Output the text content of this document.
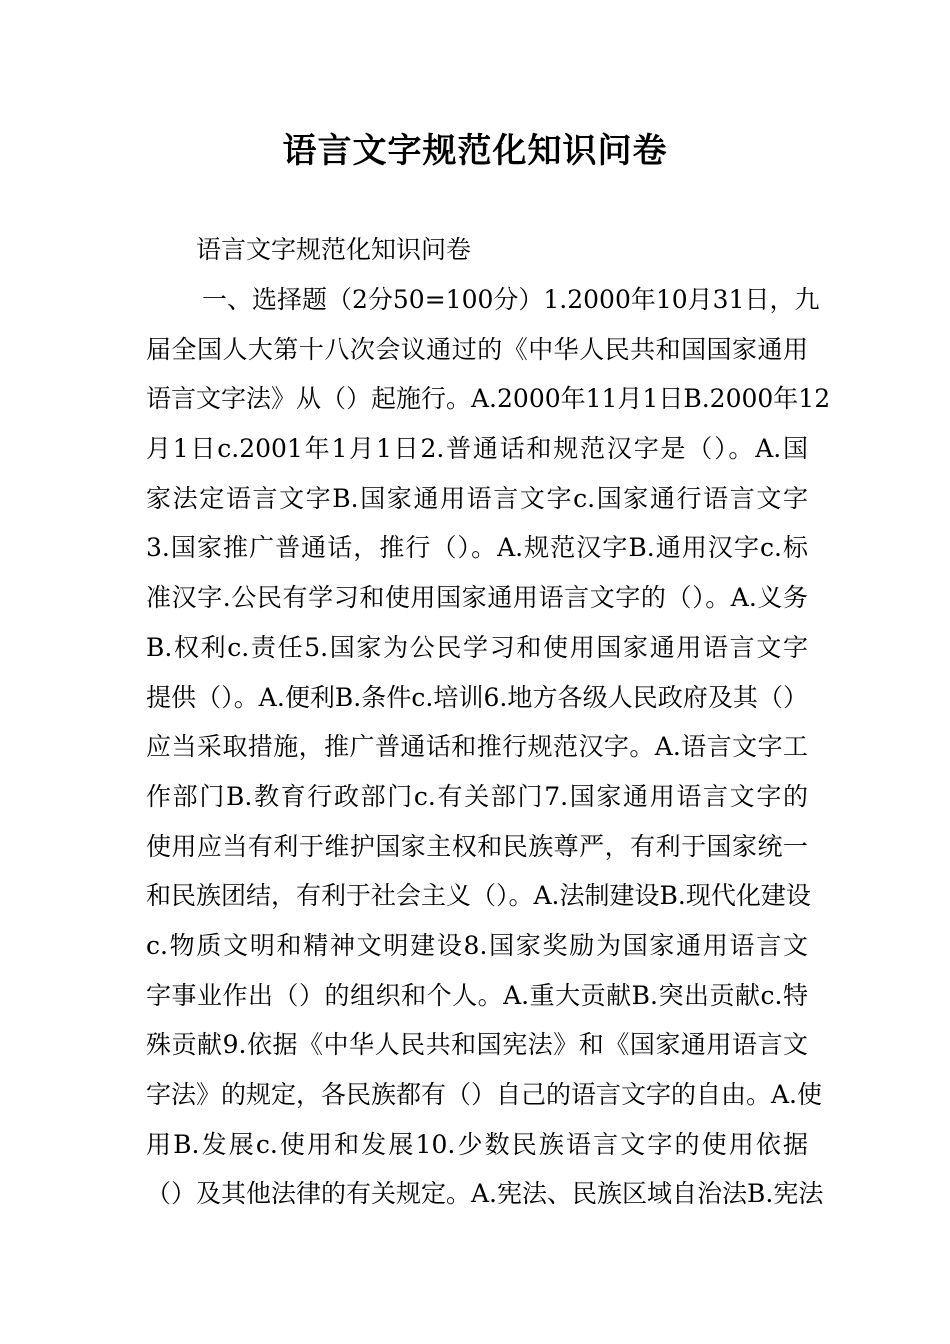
语言文字规范化知识问卷
语言文字规范化知识问卷
一、选择题（2分50=100分）1.2000年10月31日，九
届全国人大第十八次会议通过的《中华人民共和国国家通用
语言文字法》从（）起施行。A.2000年11月1日B.2000年12
月1日c.2001年1月1日2.普通话和规范汉字是（）。A.国
家法定语言文字B.国家通用语言文字c.国家通行语言文字
3.国家推广普通话，推行（）。A.规范汉字B.通用汉字c.标
准汉字.公民有学习和使用国家通用语言文字的（）。A.义务
B.权利c.责任5.国家为公民学习和使用国家通用语言文字
提供（）。A.便利B.条件c.培训6.地方各级人民政府及其（）
应当采取措施，推广普通话和推行规范汉字。A.语言文字工
作部门B.教育行政部门c.有关部门7.国家通用语言文字的
使用应当有利于维护国家主权和民族尊严，有利于国家统一
和民族团结，有利于社会主义（）。A.法制建设B.现代化建设
c.物质文明和精神文明建设8.国家奖励为国家通用语言文
字事业作出（）的组织和个人。A.重大贡献B.突出贡献c.特
殊贡献9.依据《中华人民共和国宪法》和《国家通用语言文
字法》的规定，各民族都有（）自己的语言文字的自由。A.使
用B.发展c.使用和发展10.少数民族语言文字的使用依据
（）及其他法律的有关规定。A.宪法、民族区域自治法B.宪法
